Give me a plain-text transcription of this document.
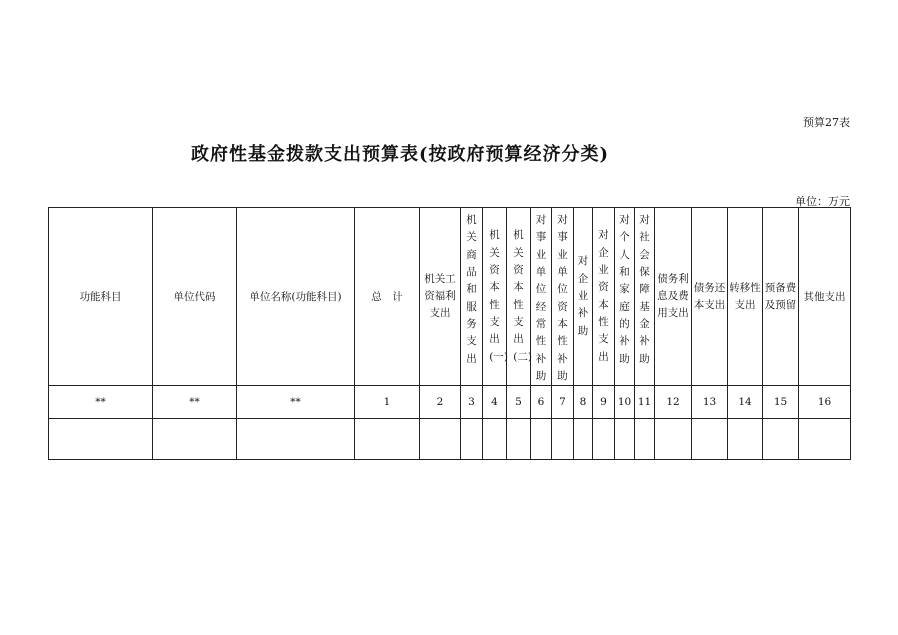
预算27表
政府性基金拨款支出预算表(按政府预算经济分类)
单位：万元
功能科目	单位代码	单位名称(功能科目)	总　计	机关工资福利支出	机关商品和服务支出	机关资本性支出(一)	机关资本性支出(二)	对事业单位经常性补助	对事业单位资本性补助	对企业补助	对企业资本性支出	对个人和家庭的补助	对社会保障基金补助	债务利息及费用支出	债务还本支出	转移性支出	预备费及预留	其他支出
**	**	**	1	2	3	4	5	6	7	8	9	10	11	12	13	14	15	16
